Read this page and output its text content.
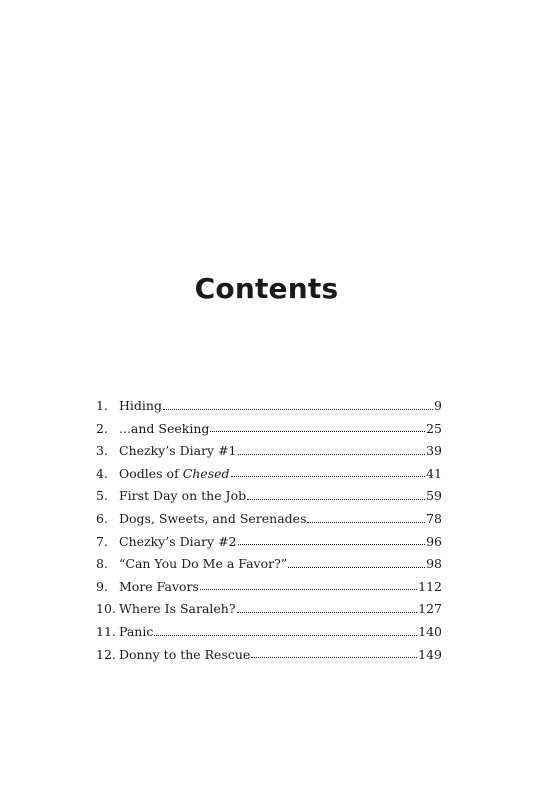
Contents
1. Hiding	9
2. ...and Seeking	25
3. Chezky’s Diary #1	39
4. Oodles of Chesed	41
5. First Day on the Job	59
6. Dogs, Sweets, and Serenades	78
7. Chezky’s Diary #2	96
8. “Can You Do Me a Favor?”	98
9. More Favors	112
10. Where Is Saraleh?	127
11. Panic	140
12. Donny to the Rescue	149
